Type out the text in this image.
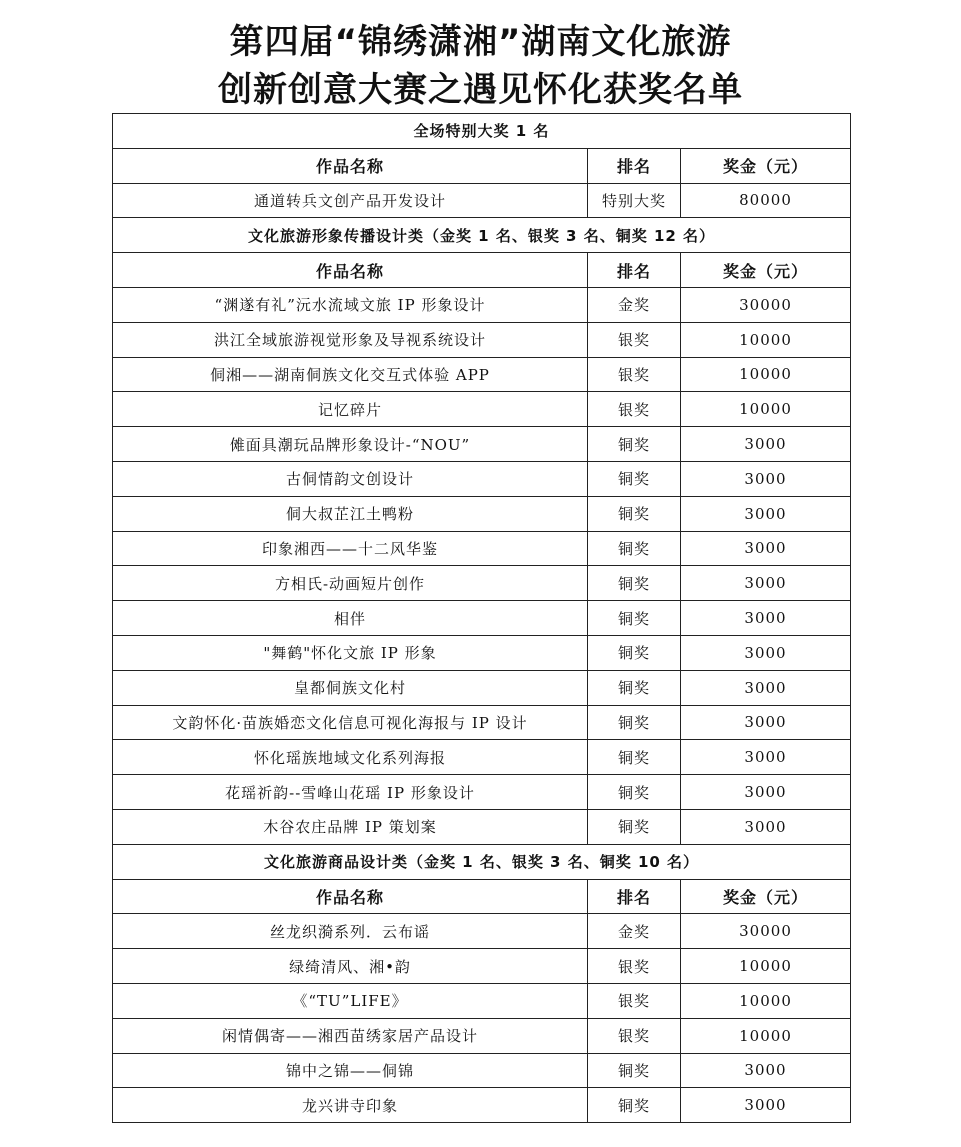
第四届“锦绣潇湘”湖南文化旅游
创新创意大赛之遇见怀化获奖名单
全场特别大奖 1 名		
作品名称	排名	奖金（元）
通道转兵文创产品开发设计	特别大奖	80000
文化旅游形象传播设计类（金奖 1 名、银奖 3 名、铜奖 12 名）		
作品名称	排名	奖金（元）
“渊遂有礼”沅水流域文旅 IP 形象设计	金奖	30000
洪江全域旅游视觉形象及导视系统设计	银奖	10000
侗湘——湖南侗族文化交互式体验 APP	银奖	10000
记忆碎片	银奖	10000
傩面具潮玩品牌形象设计-“NOU”	铜奖	3000
古侗情韵文创设计	铜奖	3000
侗大叔芷江土鸭粉	铜奖	3000
印象湘西——十二风华鉴	铜奖	3000
方相氏-动画短片创作	铜奖	3000
相伴	铜奖	3000
"舞鹤"怀化文旅 IP 形象	铜奖	3000
皇都侗族文化村	铜奖	3000
文韵怀化·苗族婚恋文化信息可视化海报与 IP 设计	铜奖	3000
怀化瑶族地域文化系列海报	铜奖	3000
花瑶祈韵--雪峰山花瑶 IP 形象设计	铜奖	3000
木谷农庄品牌 IP 策划案	铜奖	3000
文化旅游商品设计类（金奖 1 名、银奖 3 名、铜奖 10 名）		
作品名称	排名	奖金（元）
丝龙织漪系列．云布谣	金奖	30000
绿绮清风、湘•韵	银奖	10000
《“TU”LIFE》	银奖	10000
闲情偶寄——湘西苗绣家居产品设计	银奖	10000
锦中之锦——侗锦	铜奖	3000
龙兴讲寺印象	铜奖	3000
